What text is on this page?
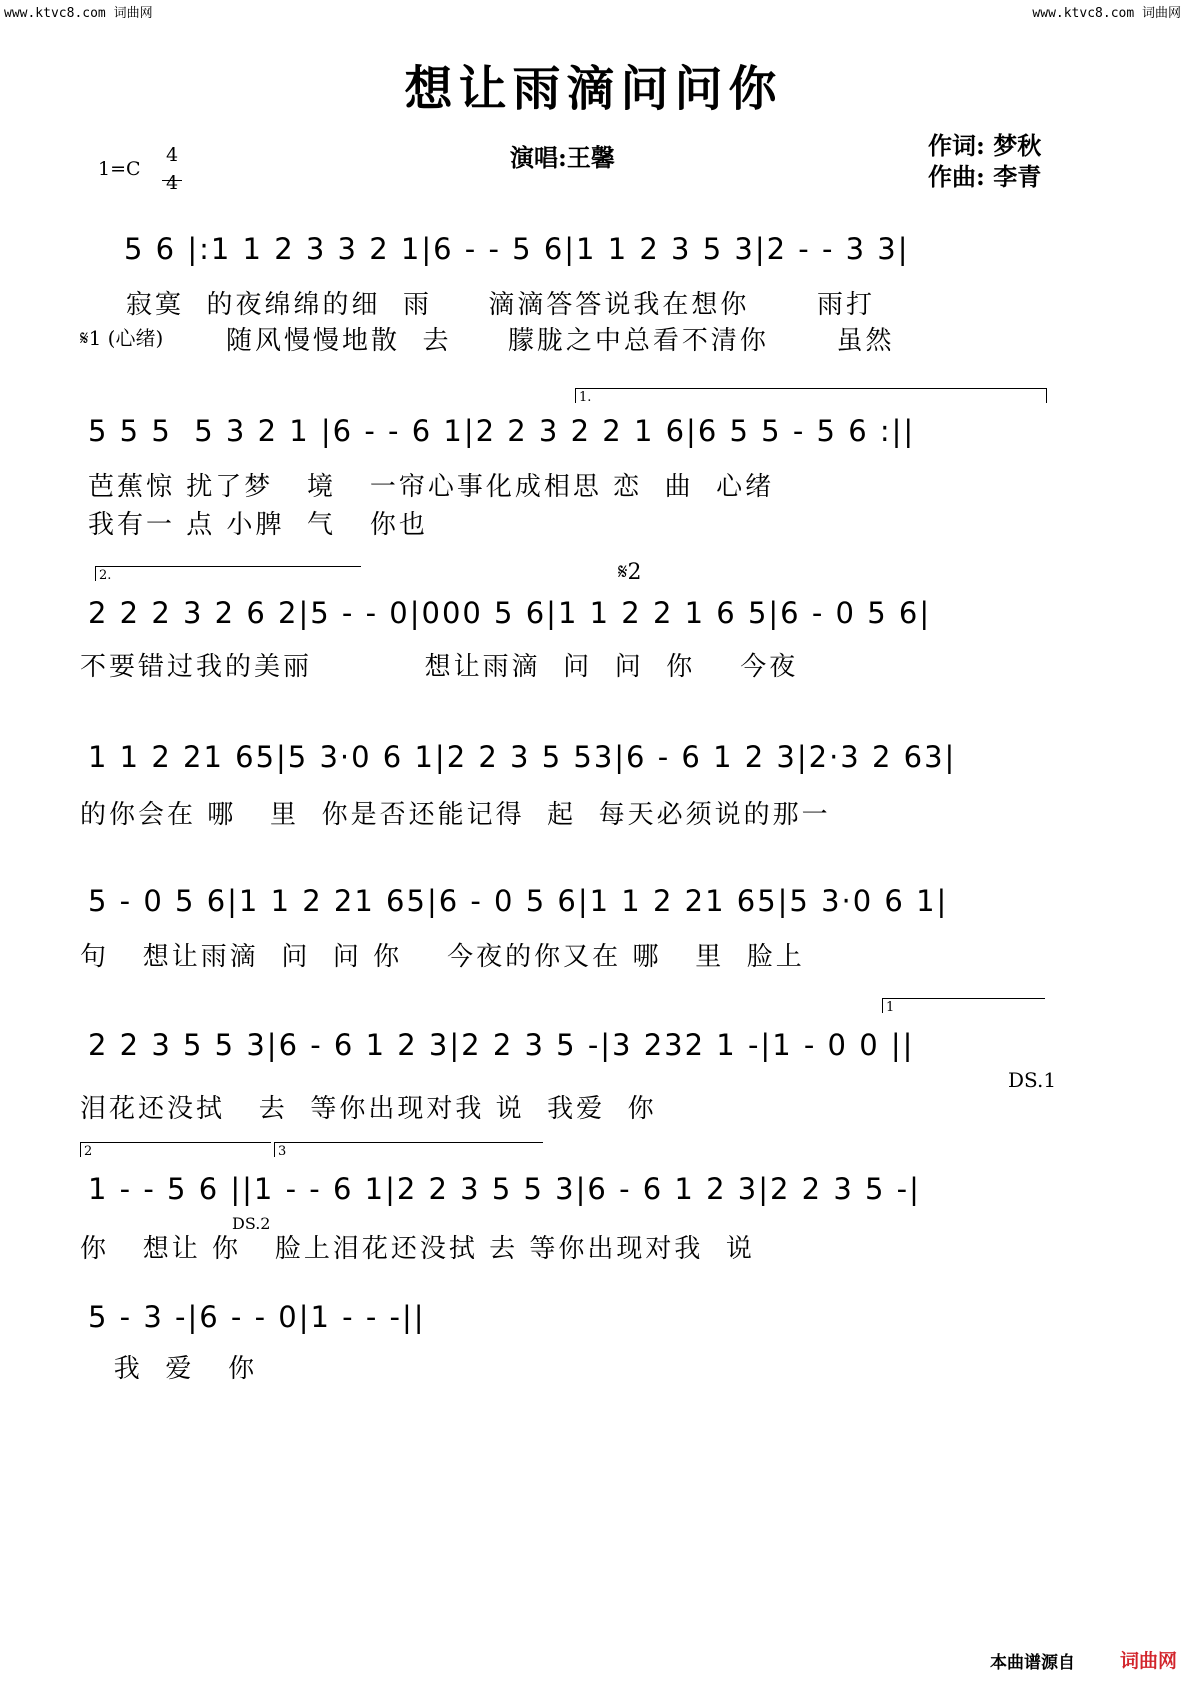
www.ktvc8.com 词曲网	www.ktvc8.com 词曲网
想让雨滴问问你
演唱:王馨	作词: 梦秋
作曲: 李青
1=C
4
4
5 6 |:1 1 2 3 3 2 1|6 - - 5 6|1 1 2 3 5 3|2 - - 3 3|
寂寞  的夜绵绵的细  雨     滴滴答答说我在想你      雨打
随风慢慢地散  去     朦胧之中总看不清你      虽然
𝄋1 (心绪)
1.
5 5 5  5 3 2 1 |6 - - 6 1|2 2 3 2 2 1 6|6 5 5 - 5 6 :||
芭蕉惊 扰了梦   境   一帘心事化成相思 恋  曲  心绪
我有一 点 小脾  气   你也
2.	𝄋2
2 2 2 3 2 6 2|5 - - 0|000 5 6|1 1 2 2 1 6 5|6 - 0 5 6|
不要错过我的美丽          想让雨滴  问  问  你    今夜
1 1 2 21 65|5 3·0 6 1|2 2 3 5 53|6 - 6 1 2 3|2·3 2 63|
的你会在 哪   里  你是否还能记得  起  每天必须说的那一
5 - 0 5 6|1 1 2 21 65|6 - 0 5 6|1 1 2 21 65|5 3·0 6 1|
句   想让雨滴  问  问 你    今夜的你又在 哪   里  脸上
1
2 2 3 5 5 3|6 - 6 1 2 3|2 2 3 5 -|3 232 1 -|1 - 0 0 ||
泪花还没拭   去  等你出现对我 说  我爱  你
DS.1
2	3
1 - - 5 6 ||1 - - 6 1|2 2 3 5 5 3|6 - 6 1 2 3|2 2 3 5 -|
你   想让 你   脸上泪花还没拭 去 等你出现对我  说
DS.2
5 - 3 -|6 - - 0|1 - - -||
我  爱   你
本曲谱源自 词曲网
